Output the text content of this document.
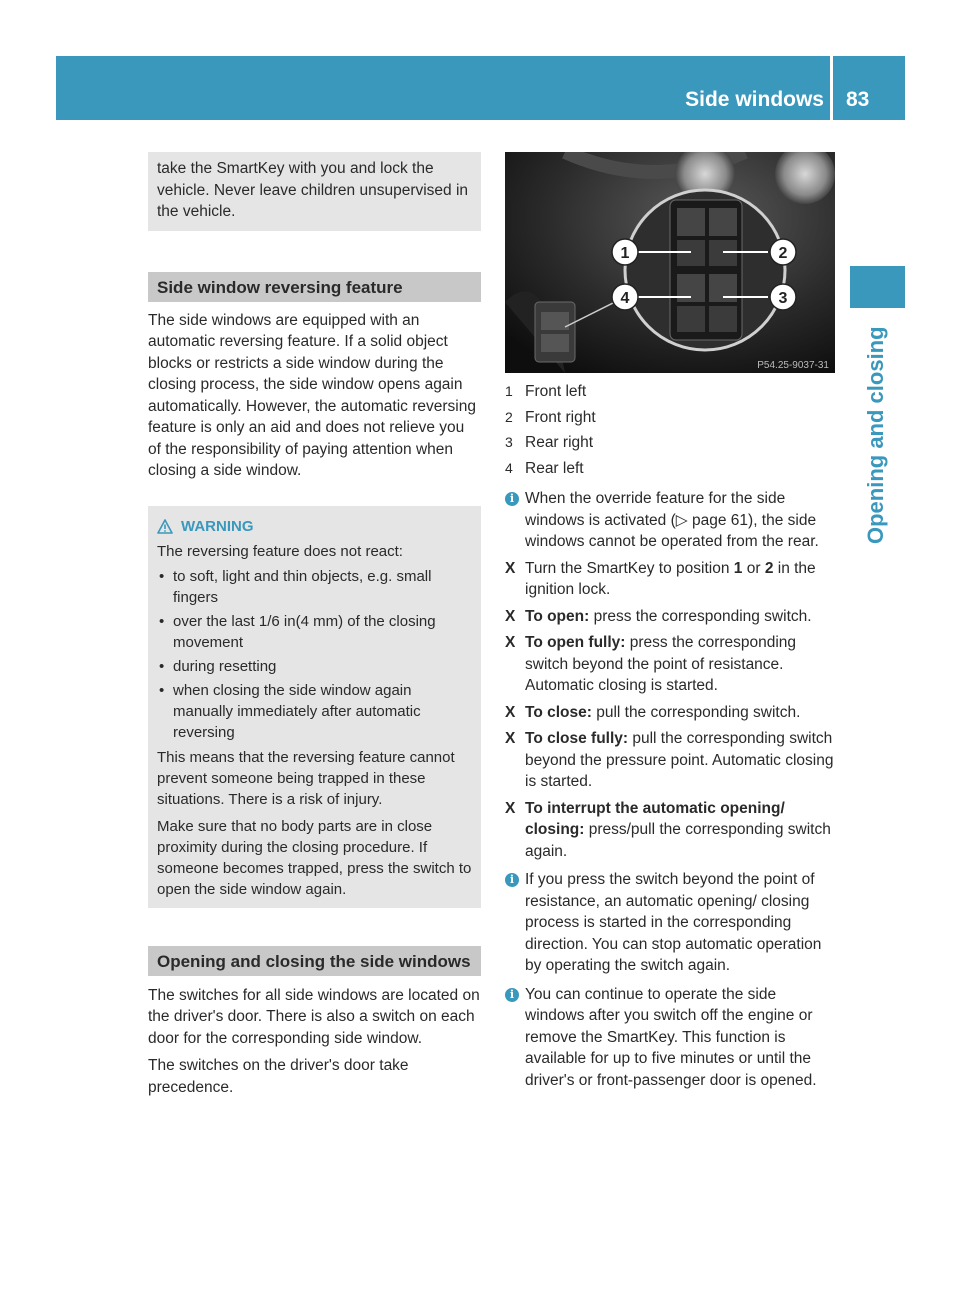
Side windows 83
Opening and closing

take the SmartKey with you and lock the vehicle. Never leave children unsupervised in the vehicle.

Side window reversing feature

The side windows are equipped with an automatic reversing feature. If a solid object blocks or restricts a side window during the closing process, the side window opens again automatically. However, the automatic reversing feature is only an aid and does not relieve you of the responsibility of paying attention when closing a side window.

WARNING

The reversing feature does not react:

• to soft, light and thin objects, e.g. small fingers
• over the last 1/6 in(4 mm) of the closing movement
• during resetting
• when closing the side window again manually immediately after automatic reversing

This means that the reversing feature cannot prevent someone being trapped in these situations. There is a risk of injury.

Make sure that no body parts are in close proximity during the closing procedure. If someone becomes trapped, press the switch to open the side window again.

Opening and closing the side windows

The switches for all side windows are located on the driver's door. There is also a switch on each door for the corresponding side window.

The switches on the driver's door take precedence.

1	2
3
4
P54.25-9037-31
1 Front left
2 Front right
3 Rear right
4 Rear left
i When the override feature for the side windows is activated (▷ page 61), the side windows cannot be operated from the rear.

X Turn the SmartKey to position 1 or 2 in the ignition lock.

X To open: press the corresponding switch.

X To open fully: press the corresponding switch beyond the point of resistance. Automatic closing is started.

X To close: pull the corresponding switch.

X To close fully: pull the corresponding switch beyond the pressure point. Automatic closing is started.

X To interrupt the automatic opening/ closing: press/pull the corresponding switch again.

i If you press the switch beyond the point of resistance, an automatic opening/ closing process is started in the corresponding direction. You can stop automatic operation by operating the switch again.

i You can continue to operate the side windows after you switch off the engine or remove the SmartKey. This function is available for up to five minutes or until the driver's or front-passenger door is opened.
